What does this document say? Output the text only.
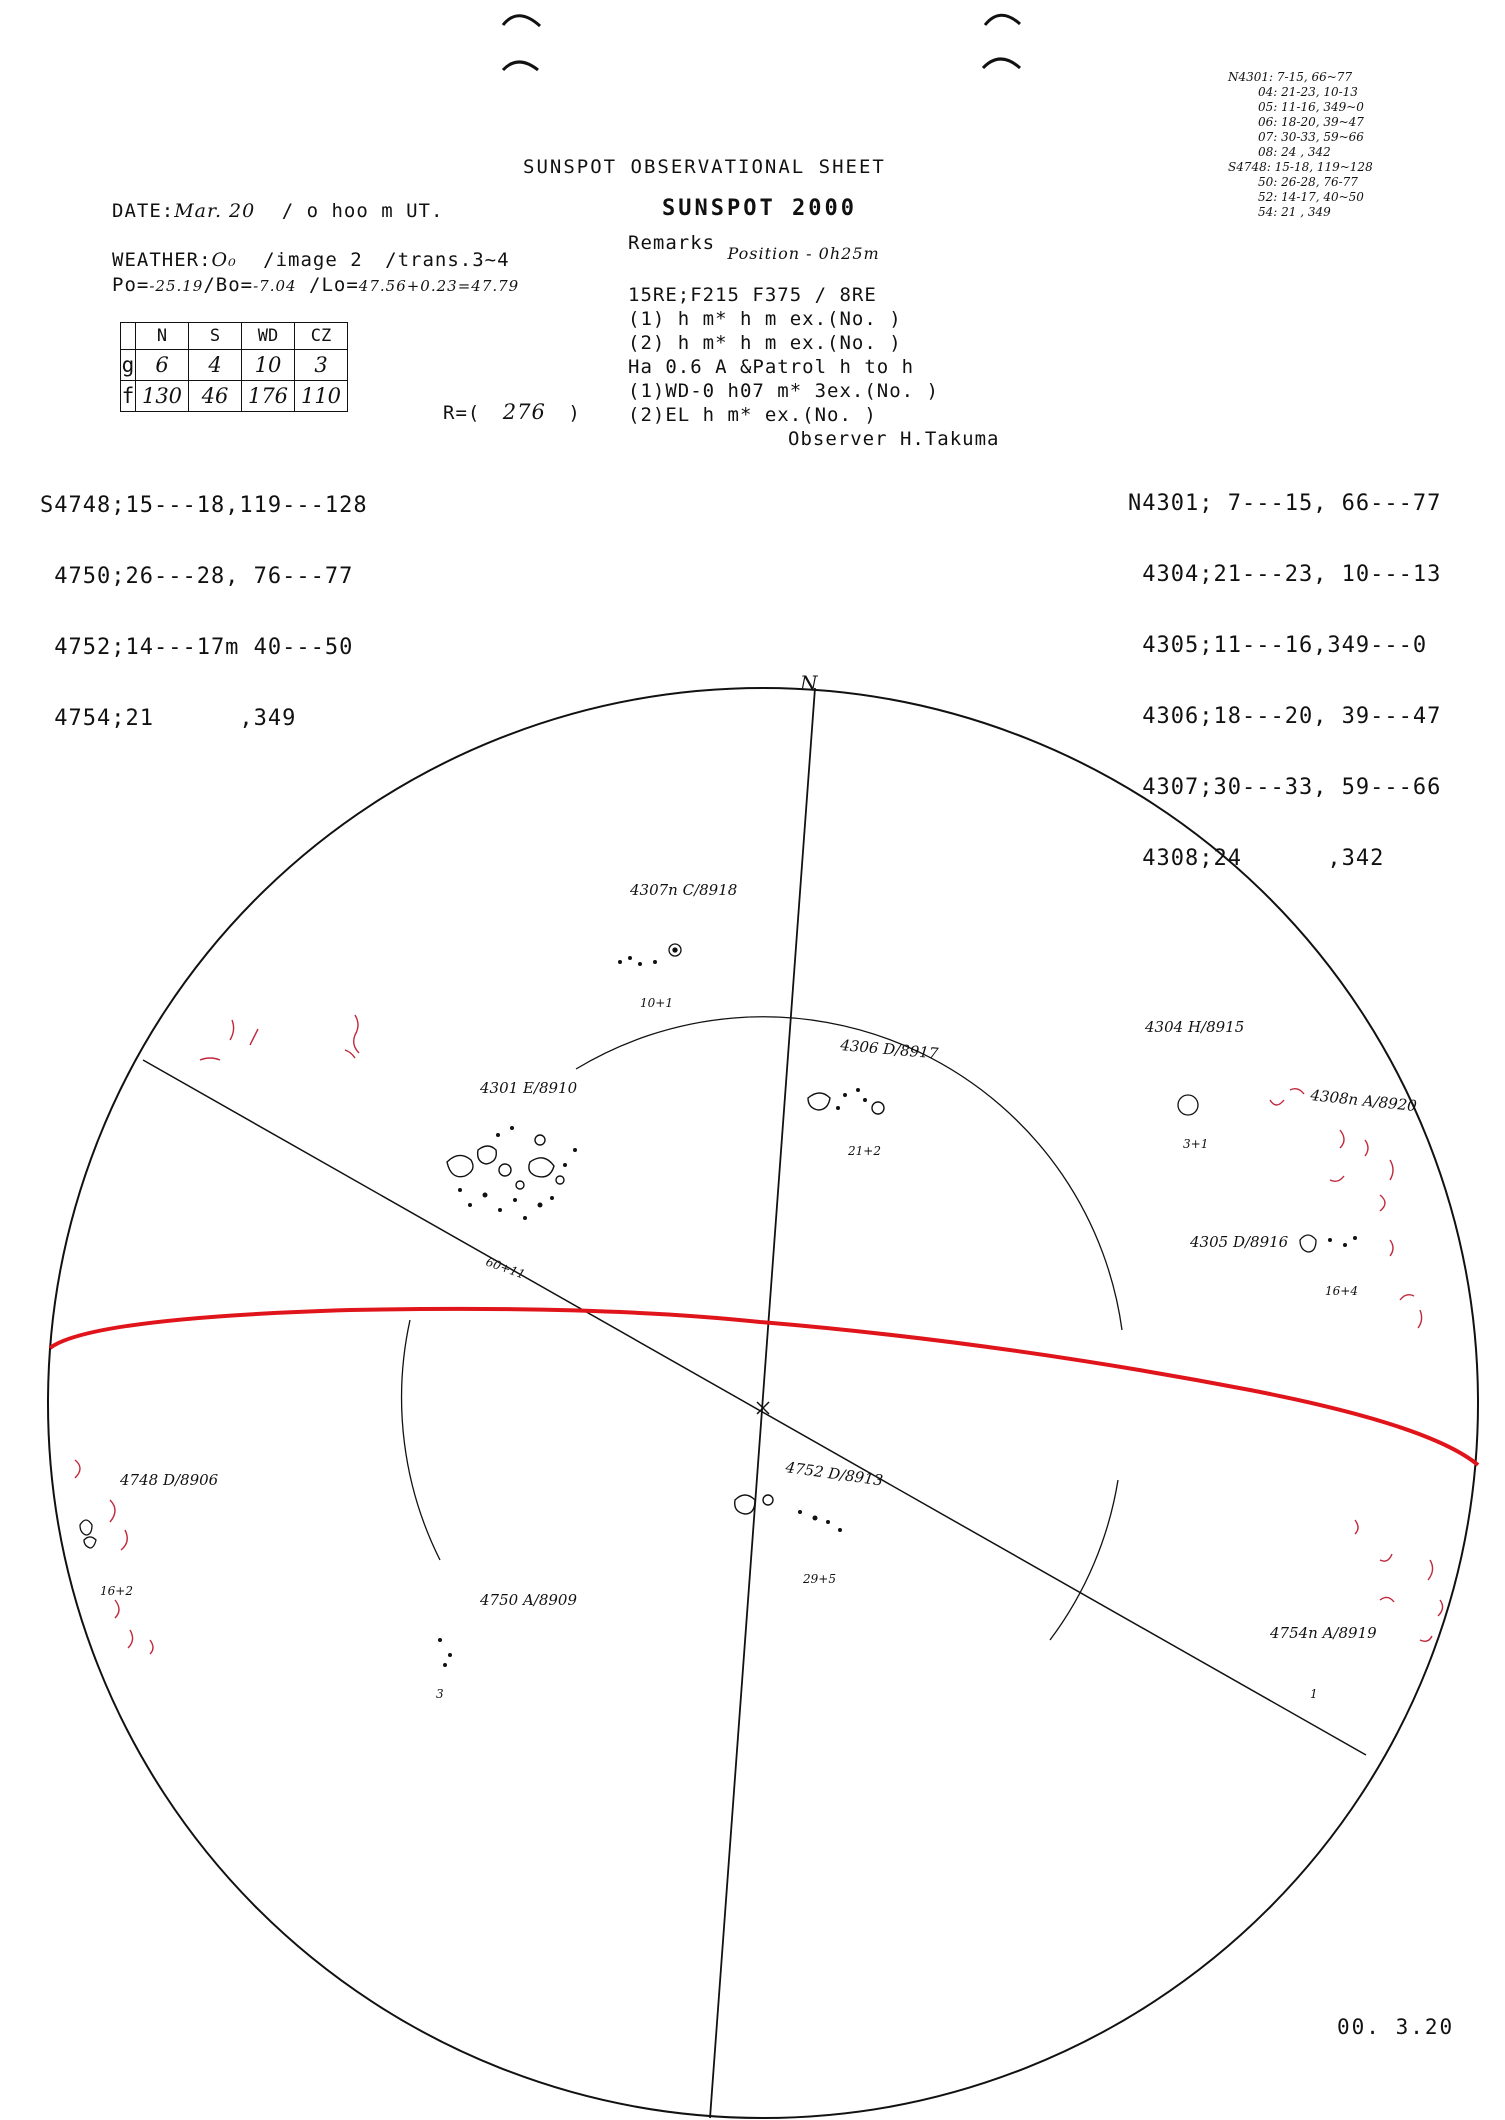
N4301: 7-15, 66~77
04: 21-23, 10-13
05: 11-16, 349~0
06: 18-20, 39~47
07: 30-33, 59~66
08: 24 , 342
S4748: 15-18, 119~128
50: 26-28, 76-77
52: 14-17, 40~50
54: 21 , 349
SUNSPOT OBSERVATIONAL SHEET
DATE:Mar. 20 / o hoo m UT.	SUNSPOT 2000
Remarks $_{Position - 0h25m}$
WEATHER:O₀ /image 2 /trans.3~4
Po=-25.19/Bo=-7.04 /Lo=47.56+0.23=47.79	15RE;F215 F375 / 8RE
(1) h m* h m ex.(No. )
(2) h m* h m ex.(No. )
Ha 0.6 A &Patrol h to h
(1)WD-0 h07 m* 3ex.(No. )
(2)EL h m* ex.(No. )
Observer H.Takuma
	N	S	WD	CZ
g	6	4	10	3
f	130	46	176	110
R=( 276 )

S4748;15---18,119---128

4750;26---28, 76---77

4752;14---17m 40---50

4754;21      ,349

N4301; 7---15, 66---77

4304;21---23, 10---13

4305;11---16,349---0

4306;18---20, 39---47

4307;30---33, 59---66

4308;24      ,342

N
4307n C/8918
10+1
4306 D/8917
21+2
4301 E/8910
60+11
4304 H/8915
3+1
4308n A/8920
4305 D/8916
16+4
4748 D/8906
16+2
4752 D/8913
29+5
4750 A/8909
3
4754n A/8919
1
00. 3.20
